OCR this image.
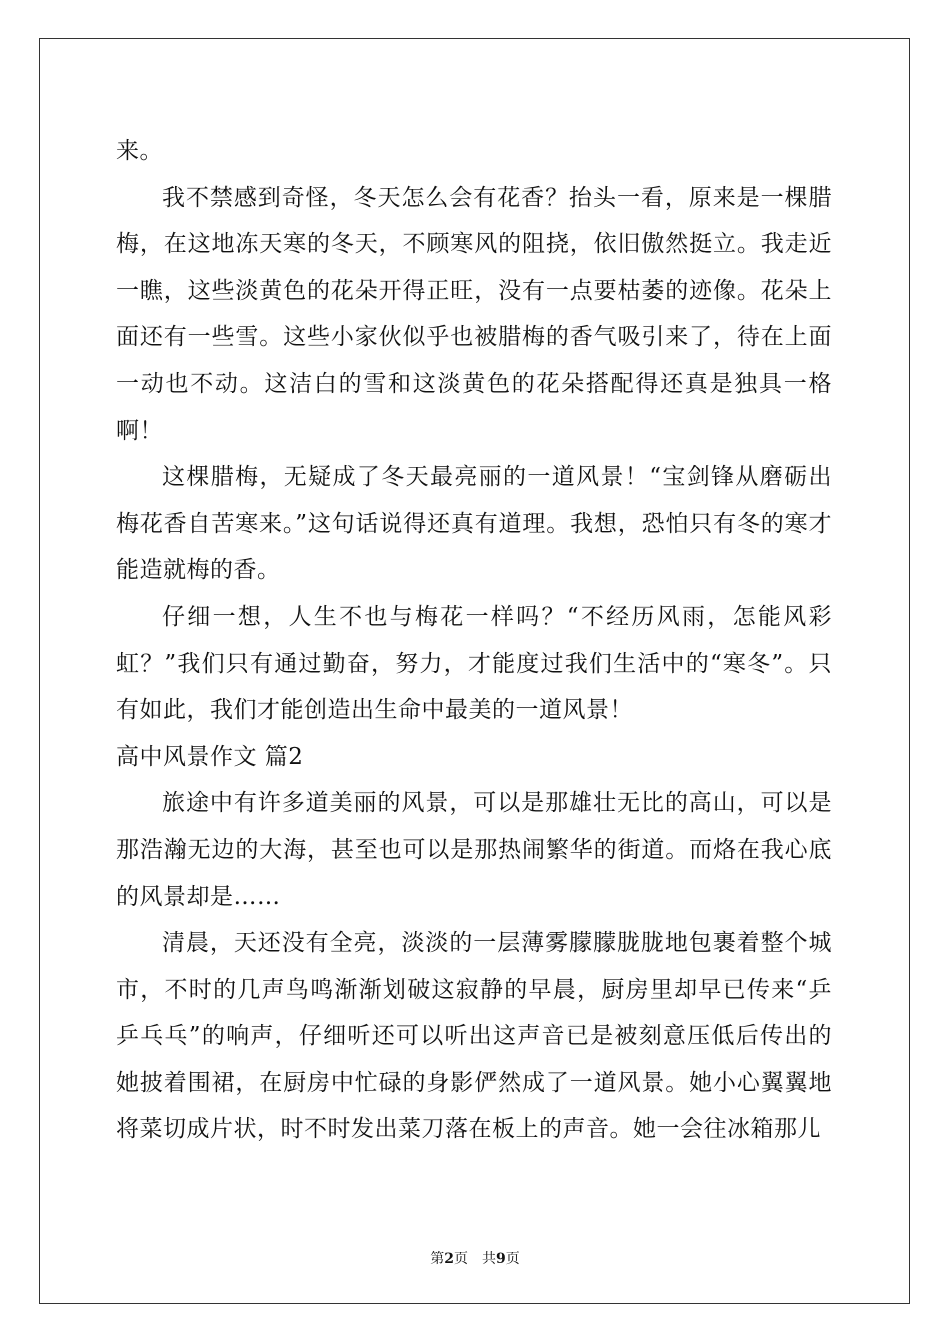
来。

我不禁感到奇怪，冬天怎么会有花香？抬头一看，原来是一棵腊梅，在这地冻天寒的冬天，不顾寒风的阻挠，依旧傲然挺立。我走近一瞧，这些淡黄色的花朵开得正旺，没有一点要枯萎的迹像。花朵上面还有一些雪。这些小家伙似乎也被腊梅的香气吸引来了，待在上面一动也不动。这洁白的雪和这淡黄色的花朵搭配得还真是独具一格啊！

这棵腊梅，无疑成了冬天最亮丽的一道风景！“宝剑锋从磨砺出梅花香自苦寒来。”这句话说得还真有道理。我想，恐怕只有冬的寒才能造就梅的香。

仔细一想，人生不也与梅花一样吗？“不经历风雨，怎能风彩虹？”我们只有通过勤奋，努力，才能度过我们生活中的“寒冬”。只有如此，我们才能创造出生命中最美的一道风景！

高中风景作文 篇2

旅途中有许多道美丽的风景，可以是那雄壮无比的高山，可以是那浩瀚无边的大海，甚至也可以是那热闹繁华的街道。而烙在我心底的风景却是……

清晨，天还没有全亮，淡淡的一层薄雾朦朦胧胧地包裹着整个城市，不时的几声鸟鸣渐渐划破这寂静的早晨，厨房里却早已传来“乒乒乓乓”的响声，仔细听还可以听出这声音已是被刻意压低后传出的她披着围裙，在厨房中忙碌的身影俨然成了一道风景。她小心翼翼地将菜切成片状，时不时发出菜刀落在板上的声音。她一会往冰箱那儿

第2页 共9页
